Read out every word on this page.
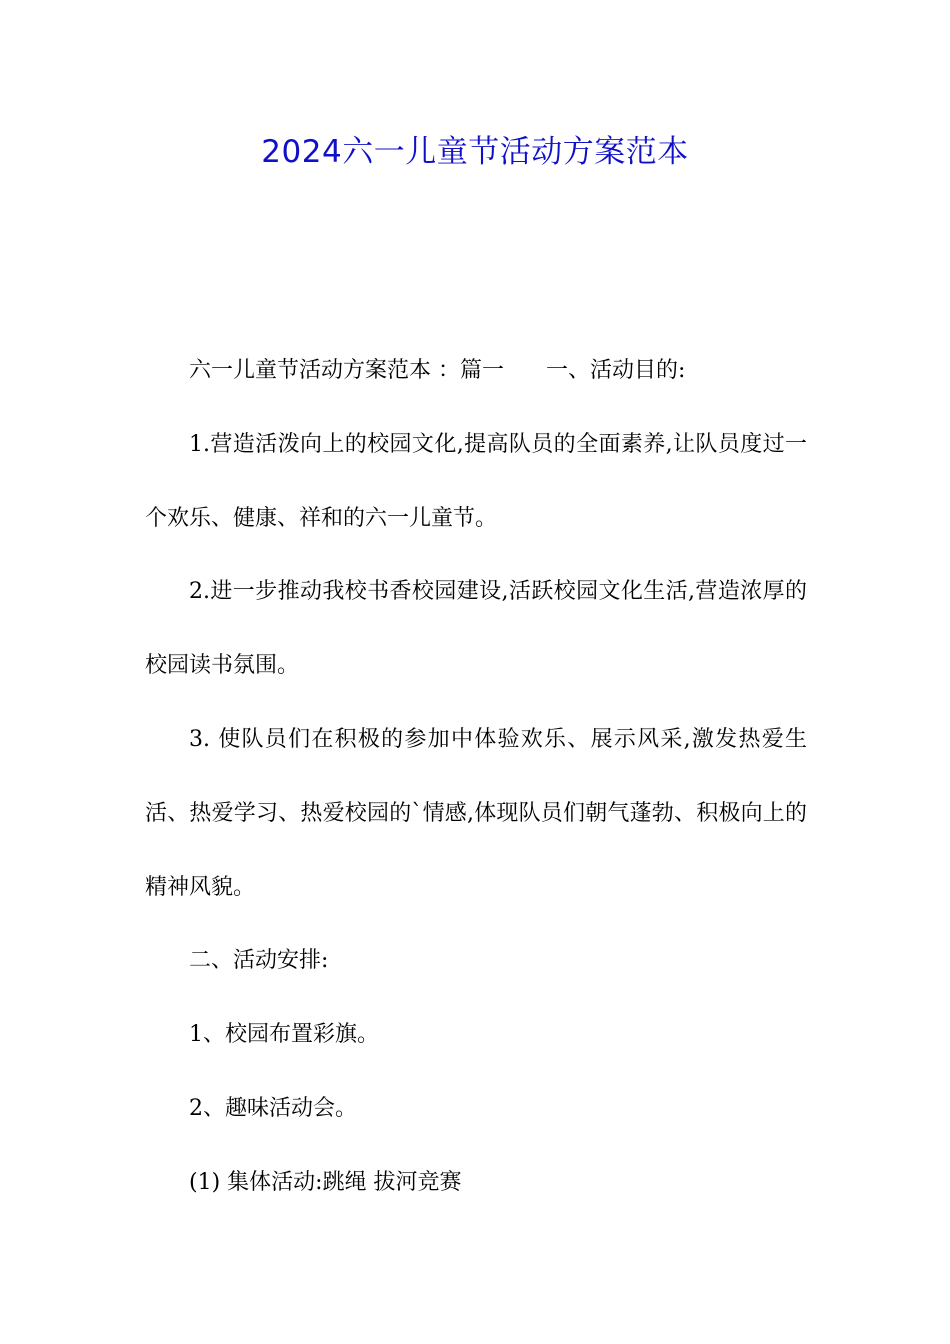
2024六一儿童节活动方案范本

六一儿童节活动方案范本 ：篇一      一、活动目的:

1.营造活泼向上的校园文化,提高队员的全面素养,让队员度过一个欢乐、健康、祥和的六一儿童节。

2.进一步推动我校书香校园建设,活跃校园文化生活,营造浓厚的校园读书氛围。

3. 使队员们在积极的参加中体验欢乐、展示风采,激发热爱生活、热爱学习、热爱校园的`情感,体现队员们朝气蓬勃、积极向上的精神风貌。

二、活动安排:

1、校园布置彩旗。

2、趣味活动会。

(1) 集体活动:跳绳 拔河竞赛
